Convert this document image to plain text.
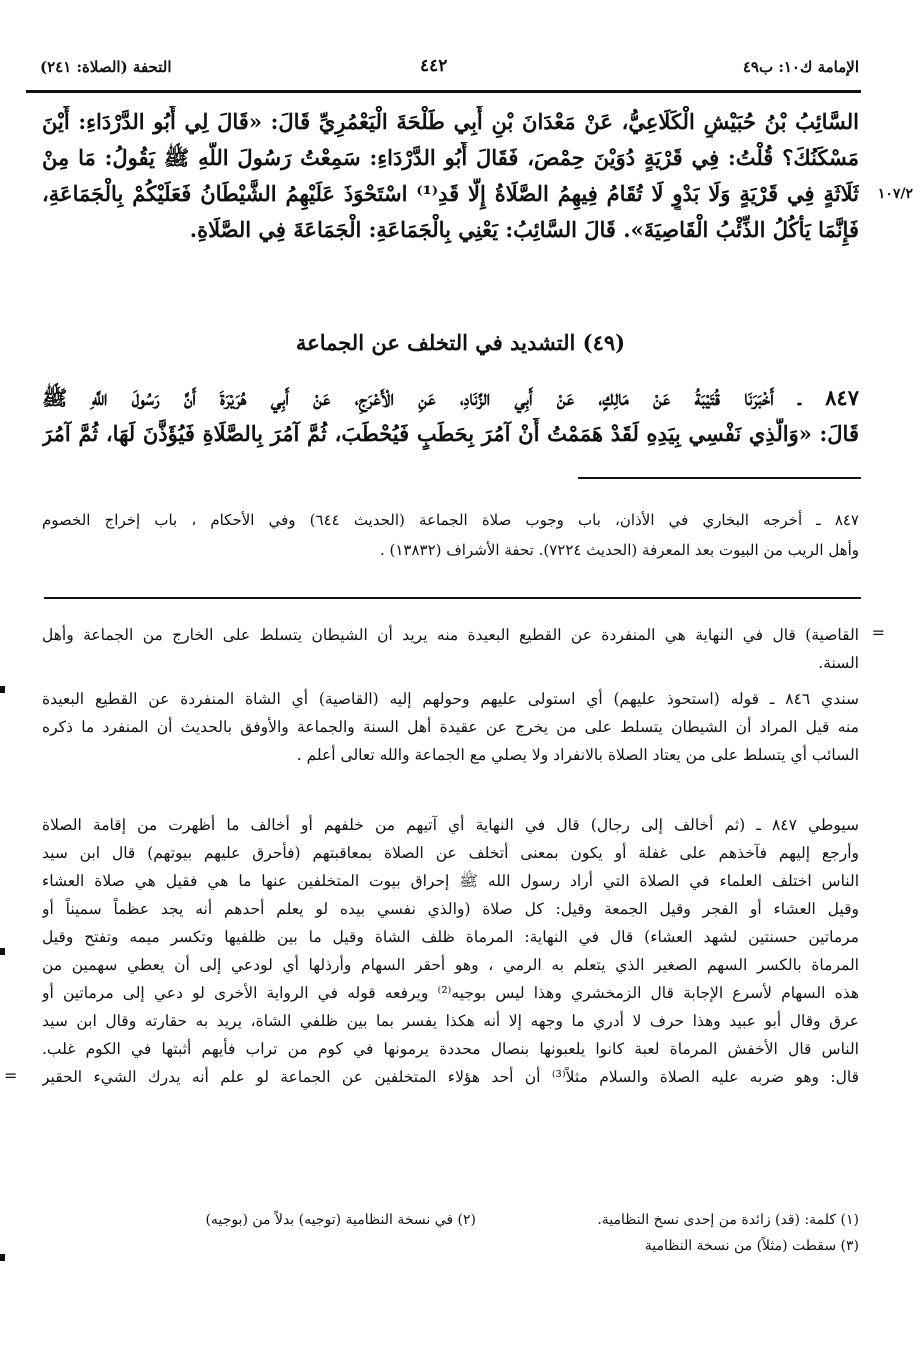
الإمامة ك١٠: ب٤٩
٤٤٢
التحفة (الصلاة: ٢٤١)
السَّائِبُ بْنُ حُبَيْشٍ الْكَلَاعِيُّ، عَنْ مَعْدَانَ بْنِ أَبِي طَلْحَةَ الْيَعْمُرِيِّ قَالَ: «قَالَ لِي أَبُو الدَّرْدَاءِ: أَيْنَ
مَسْكَنُكَ؟ قُلْتُ: فِي قَرْيَةٍ دُوَيْنَ حِمْصَ، فَقَالَ أَبُو الدَّرْدَاءِ: سَمِعْتُ رَسُولَ اللَّهِ ﷺ يَقُولُ: مَا مِنْ
ثَلَاثَةٍ فِي قَرْيَةٍ وَلَا بَدْوٍ لَا تُقَامُ فِيهِمُ الصَّلَاةُ إِلَّا قَدِ⁽¹⁾ اسْتَحْوَذَ عَلَيْهِمُ الشَّيْطَانُ فَعَلَيْكُمْ بِالْجَمَاعَةِ،
فَإِنَّمَا يَأْكُلُ الذِّئْبُ الْقَاصِيَةَ». قَالَ السَّائِبُ: يَعْنِي بِالْجَمَاعَةِ: الْجَمَاعَةَ فِي الصَّلَاةِ.
١٠٧/٢
(٤٩) التشديد في التخلف عن الجماعة
٨٤٧ ـ أَخْبَرَنَا قُتَيْبَةُ عَنْ مَالِكٍ، عَنْ أَبِي الزِّنَادِ، عَنِ الْأَعْرَجِ، عَنْ أَبِي هُرَيْرَةَ أَنَّ رَسُولَ اللَّهِ ﷺ
قَالَ: «وَالَّذِي نَفْسِي بِيَدِهِ لَقَدْ هَمَمْتُ أَنْ آمُرَ بِحَطَبٍ فَيُحْطَبَ، ثُمَّ آمُرَ بِالصَّلَاةِ فَيُؤَذَّنَ لَهَا، ثُمَّ آمُرَ
٨٤٧ ـ أخرجه البخاري في الأذان، باب وجوب صلاة الجماعة (الحديث ٦٤٤) وفي الأحكام ، باب إخراج الخصوم
وأهل الريب من البيوت بعد المعرفة (الحديث ٧٢٢٤). تحفة الأشراف (١٣٨٣٢) .
=
القاصية) قال في النهاية هي المنفردة عن القطيع البعيدة منه يريد أن الشيطان يتسلط على الخارج من الجماعة وأهل
السنة.
سندي ٨٤٦ ـ قوله (استحوذ عليهم) أي استولى عليهم وحولهم إليه (القاصية) أي الشاة المنفردة عن القطيع البعيدة
منه قيل المراد أن الشيطان يتسلط على من يخرج عن عقيدة أهل السنة والجماعة والأوفق بالحديث أن المنفرد ما ذكره
السائب أي يتسلط على من يعتاد الصلاة بالانفراد ولا يصلي مع الجماعة والله تعالى أعلم .
سيوطي ٨٤٧ ـ (ثم أخالف إلى رجال) قال في النهاية أي آتيهم من خلفهم أو أخالف ما أظهرت من إقامة الصلاة
وأرجع إليهم فآخذهم على غفلة أو يكون بمعنى أتخلف عن الصلاة بمعاقبتهم (فأحرق عليهم بيوتهم) قال ابن سيد
الناس اختلف العلماء في الصلاة التي أراد رسول الله ﷺ إحراق بيوت المتخلفين عنها ما هي فقيل هي صلاة العشاء
وقيل العشاء أو الفجر وقيل الجمعة وقيل: كل صلاة (والذي نفسي بيده لو يعلم أحدهم أنه يجد عظماً سميناً أو
مرماتين حسنتين لشهد العشاء) قال في النهاية: المرماة ظلف الشاة وقيل ما بين ظلفيها وتكسر ميمه وتفتح وقيل
المرماة بالكسر السهم الصغير الذي يتعلم به الرمي ، وهو أحقر السهام وأرذلها أي لودعي إلى أن يعطي سهمين من
هذه السهام لأسرع الإجابة قال الزمخشري وهذا ليس بوجيه⁽²⁾ ويرفعه قوله في الرواية الأخرى لو دعي إلى مرماتين أو
عرق وقال أبو عبيد وهذا حرف لا أدري ما وجهه إلا أنه هكذا يفسر بما بين ظلفي الشاة، يريد به حقارته وقال ابن سيد
الناس قال الأخفش المرماة لعبة كانوا يلعبونها بنصال محددة يرمونها في كوم من تراب فأيهم أثبتها في الكوم غلب.
قال: وهو ضربه عليه الصلاة والسلام مثلاً⁽³⁾ أن أحد هؤلاء المتخلفين عن الجماعة لو علم أنه يدرك الشيء الحقير
=
(١) كلمة: (قد) زائدة من إحدى نسخ النظامية.
(٢) في نسخة النظامية (توجيه) بدلاً من (بوجيه)
(٣) سقطت (مثلاً) من نسخة النظامية
